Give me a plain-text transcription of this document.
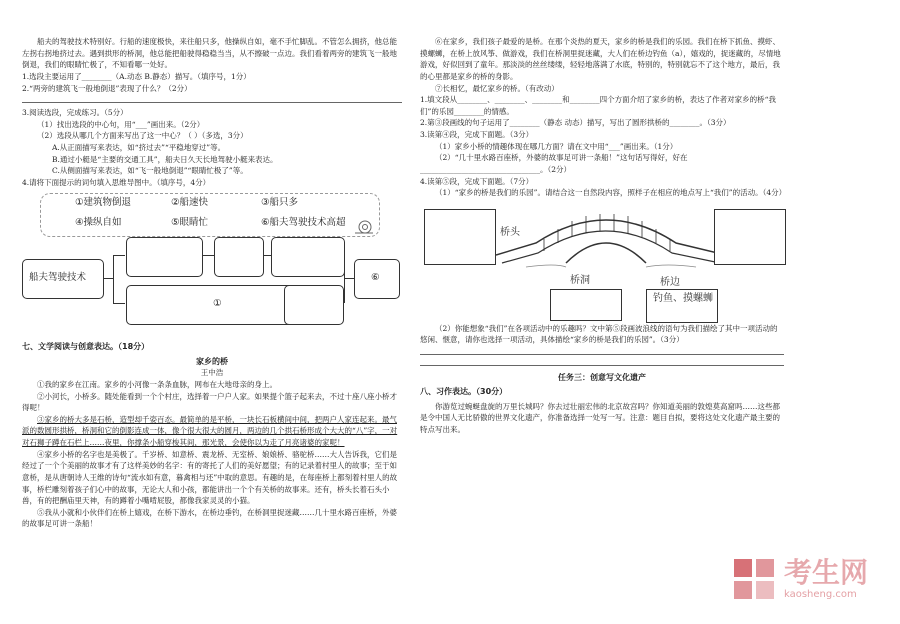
船夫的驾驶技术特别好。行船的速度极快，来往船只多，他操纵自如，毫不手忙脚乱。不管怎么拥挤，他总能左拐右拐地挤过去。遇到拱形的桥洞，他总能把船驶得稳稳当当，从不擦破一点边。我们看着两旁的建筑飞一般地倒退，我们的眼睛忙极了，不知看哪一处好。

1.选段主要运用了________（A.动态 B.静态）描写。（填序号，1分）

2.“两旁的建筑飞一般地倒退”表现了什么？（2分）

3.阅读选段，完成练习。（5分）

（1）找出选段的中心句，用“___”画出来。（2分）

（2）选段从哪几个方面来写出了这一中心？（ ）（多选，3分）

A.从正面描写来表达，如“挤过去”“平稳地穿过”等。

B.通过小艇是“主要的交通工具”，船夫日久天长地驾驶小艇来表达。

C.从侧面描写来表达，如“飞一般地倒退”“眼睛忙极了”等。

4.请将下面提示的词句填入思维导图中。（填序号，4分）

①建筑物倒退	②船速快	③船只多
④操纵自如	⑤眼睛忙	⑥船夫驾驶技术高超
船夫驾驶技术
①
⑥

七、文学阅读与创意表达。（18分）

家乡的桥

王中浩

①我的家乡在江南。家乡的小河像一条条血脉，网布在大地母亲的身上。

②小河长，小桥多。随处能看到一个个村庄，选择着一户户人家。如果提个篮子起来去，不过十座八座小桥才得呢！

③家乡的桥大多是石桥，造型却千姿百态。最简单的是平桥，一块长石板横间中间，把两户人家连起来。最气派的数圆形拱桥，桥洞和它的倒影连成一体，像个很大很大的圆月，两边的几个拱石桥形成个大大的“八”字，一对对石狮子蹲在石栏上……夜里，你撑条小船穿梭其间，那光景，会使你以为走了月亮诸婆的家呢！

④家乡小桥的名字也是美极了。千岁桥、如意桥、震龙桥、无室桥、娘娘桥、骆驼桥……大人告诉我，它们是经过了一个个美丽的故事才有了这样美妙的名字：有的寄托了人们的美好愿望；有的记录着村里人的故事；至于如意桥，是从唐朝诗人王维的诗句“流水如有意，暮禽相与还”中取的意思。有趣的是，在每座桥上都刻着村里人的故事，桥栏雕刻着孩子们心中的故事，无论大人和小孩，都能讲出一个个有关桥的故事来。还有，桥头长着石头小兽，有的把酬庙里天神，有的蹲着小嘴啃屁股，都像我家灵灵的小猫。

⑤我从小就和小伙伴们在桥上嬉戏，在桥下游水，在桥边垂钓，在桥洞里捉迷藏……几十里水路百座桥，外婆的故事足可讲一条船！

⑥在家乡，我们孩子最爱的是桥。在那个炎热的夏天，家乡的桥是我们的乐园。我们在桥下抓鱼、摸虾、摸螺蛳，在桥上放风筝、做游戏，我们在桥洞里捉迷藏，大人们在桥边钓鱼（a），嬉戏的，捉迷藏的，尽情地游戏，好似回到了童年。那淡淡的丝丝缕缕，轻轻地落满了水底，特别的，特别就忘不了这个地方，最后，我的心里都是家乡的桥的身影。

⑦长相忆，最忆家乡的桥。（有改动）

1.填文段从________、________、________和________四个方面介绍了家乡的桥，表达了作者对家乡的桥“我们”的乐园________的情感。

2.第③段画线的句子运用了________（静态 动态）描写，写出了圆形拱桥的________。（3分）

3.读第④段，完成下面题。（3分）

（1）家乡小桥的情趣体现在哪几方面？请在文中用“___”画出来。（1分）

（2）“几十里水路百座桥，外婆的故事足可讲一条船！”这句话写得好，好在________________________________。（2分）

4.读第⑤段，完成下面题。（7分）

（1）“家乡的桥是我们的乐园”。请结合这一自然段内容，照样子在相应的地点写上“我们”的活动。（4分）

桥头
桥洞	桥边
钓鱼、摸螺蛳

（2）你能想象“我们”在各项活动中的乐趣吗？文中第⑤段画波浪线的语句为我们描绘了其中一项活动的悠闲、惬意，请你也选择一项活动，具体描绘“家乡的桥是我们的乐园”。（3分）

任务三：创意写文化遗产

八、习作表达。（30分）

你游览过蜿蜒盘旋的万里长城吗？你去过壮丽宏伟的北京故宫吗？你知道美丽的敦煌莫高窟吗……这些都是令中国人无比骄傲的世界文化遗产，你准备选择一处写一写。注意：题目自拟，要将这处文化遗产最主要的特点写出来。

考生网
kaosheng.com
